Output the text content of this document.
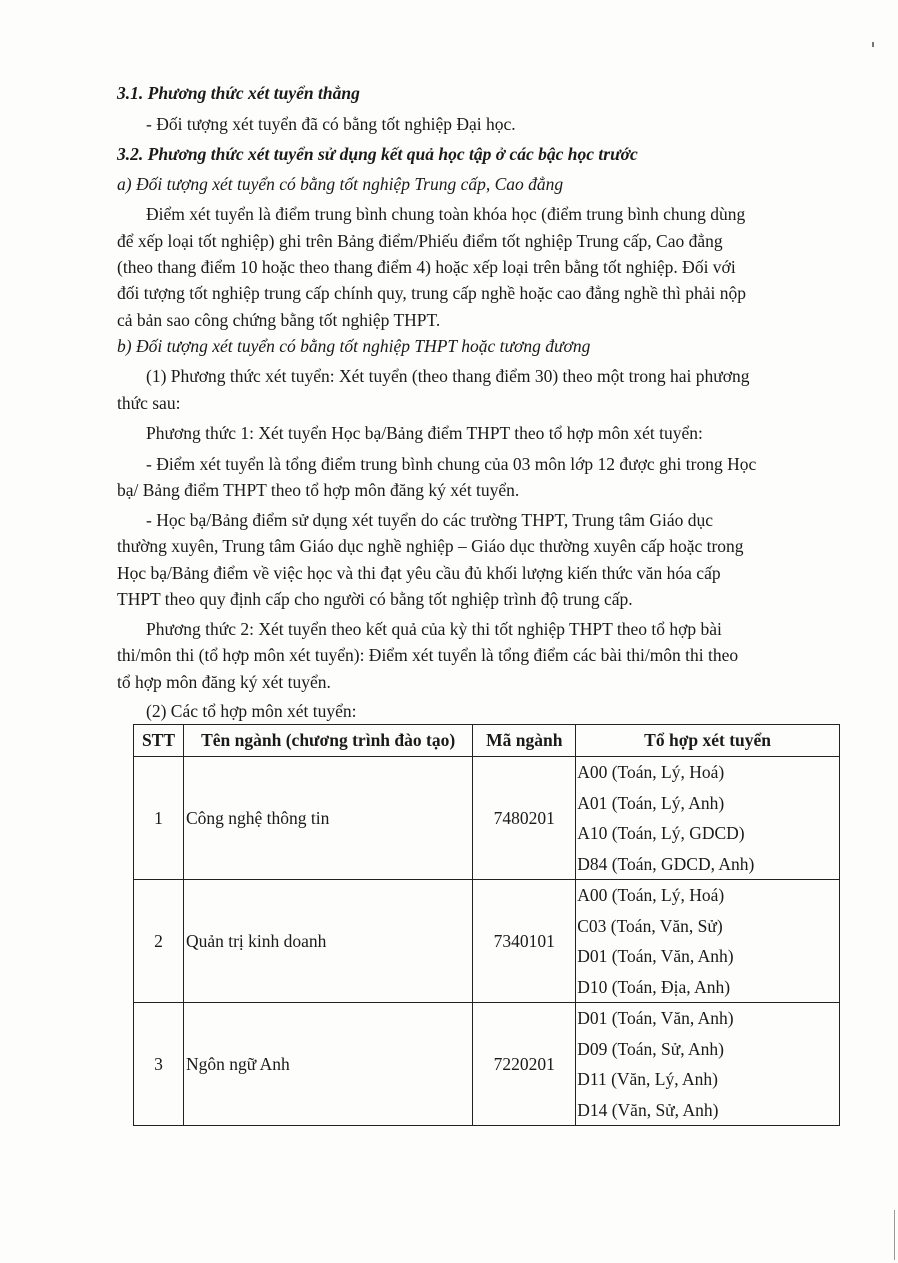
3.1. Phương thức xét tuyển thẳng
- Đối tượng xét tuyển đã có bằng tốt nghiệp Đại học.
3.2. Phương thức xét tuyển sử dụng kết quả học tập ở các bậc học trước
a) Đối tượng xét tuyển có bằng tốt nghiệp Trung cấp, Cao đẳng
Điểm xét tuyển là điểm trung bình chung toàn khóa học (điểm trung bình chung dùng
để xếp loại tốt nghiệp) ghi trên Bảng điểm/Phiếu điểm tốt nghiệp Trung cấp, Cao đẳng
(theo thang điểm 10 hoặc theo thang điểm 4) hoặc xếp loại trên bằng tốt nghiệp. Đối với
đối tượng tốt nghiệp trung cấp chính quy, trung cấp nghề hoặc cao đẳng nghề thì phải nộp
cả bản sao công chứng bằng tốt nghiệp THPT.
b) Đối tượng xét tuyển có bằng tốt nghiệp THPT hoặc tương đương
(1) Phương thức xét tuyển: Xét tuyển (theo thang điểm 30) theo một trong hai phương
thức sau:
Phương thức 1: Xét tuyển Học bạ/Bảng điểm THPT theo tổ hợp môn xét tuyển:
- Điểm xét tuyển là tổng điểm trung bình chung của 03 môn lớp 12 được ghi trong Học
bạ/ Bảng điểm THPT theo tổ hợp môn đăng ký xét tuyển.
- Học bạ/Bảng điểm sử dụng xét tuyển do các trường THPT, Trung tâm Giáo dục
thường xuyên, Trung tâm Giáo dục nghề nghiệp – Giáo dục thường xuyên cấp hoặc trong
Học bạ/Bảng điểm về việc học và thi đạt yêu cầu đủ khối lượng kiến thức văn hóa cấp
THPT theo quy định cấp cho người có bằng tốt nghiệp trình độ trung cấp.
Phương thức 2: Xét tuyển theo kết quả của kỳ thi tốt nghiệp THPT theo tổ hợp bài
thi/môn thi (tổ hợp môn xét tuyển): Điểm xét tuyển là tổng điểm các bài thi/môn thi theo
tổ hợp môn đăng ký xét tuyển.
(2) Các tổ hợp môn xét tuyển:
STT	Tên ngành (chương trình đào tạo)	Mã ngành	Tổ hợp xét tuyển
1	Công nghệ thông tin	7480201	A00 (Toán, Lý, Hoá)
A01 (Toán, Lý, Anh)
A10 (Toán, Lý, GDCD)
D84 (Toán, GDCD, Anh)

2	Quản trị kinh doanh	7340101	A00 (Toán, Lý, Hoá)
C03 (Toán, Văn, Sử)
D01 (Toán, Văn, Anh)
D10 (Toán, Địa, Anh)

3	Ngôn ngữ Anh	7220201	D01 (Toán, Văn, Anh)
D09 (Toán, Sử, Anh)
D11 (Văn, Lý, Anh)
D14 (Văn, Sử, Anh)
